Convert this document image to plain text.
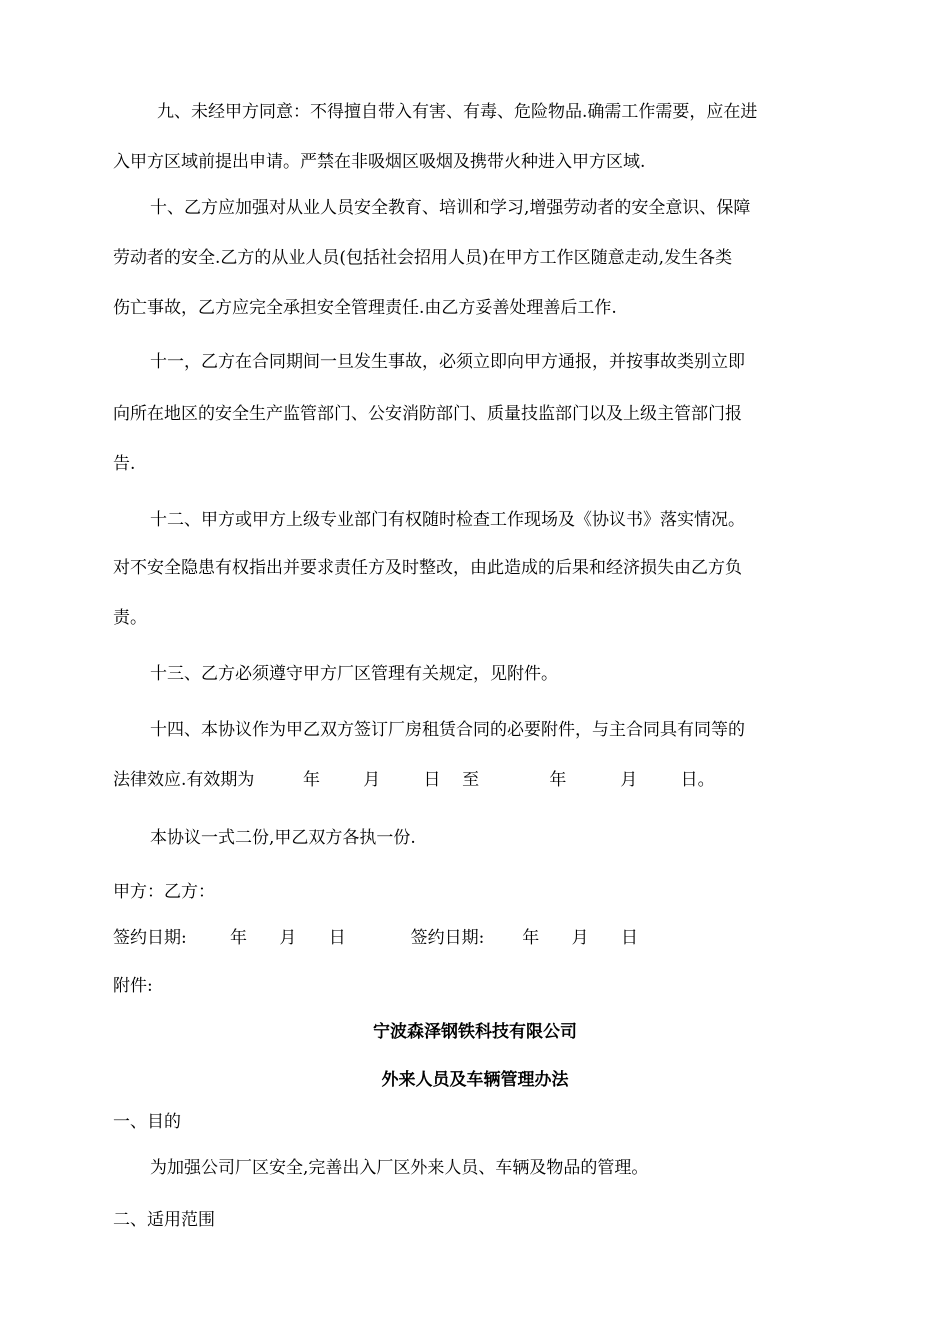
九、未经甲方同意：不得擅自带入有害、有毒、危险物品.确需工作需要，应在进
入甲方区域前提出申请。严禁在非吸烟区吸烟及携带火种进入甲方区域.
十、乙方应加强对从业人员安全教育、培训和学习,增强劳动者的安全意识、保障
劳动者的安全.乙方的从业人员(包括社会招用人员)在甲方工作区随意走动,发生各类
伤亡事故，乙方应完全承担安全管理责任.由乙方妥善处理善后工作.
十一，乙方在合同期间一旦发生事故，必须立即向甲方通报，并按事故类别立即
向所在地区的安全生产监管部门、公安消防部门、质量技监部门以及上级主管部门报
告.
十二、甲方或甲方上级专业部门有权随时检查工作现场及《协议书》落实情况。
对不安全隐患有权指出并要求责任方及时整改，由此造成的后果和经济损失由乙方负
责。
十三、乙方必须遵守甲方厂区管理有关规定，见附件。
十四、本协议作为甲乙双方签订厂房租赁合同的必要附件，与主合同具有同等的
法律效应.有效期为         年        月        日    至             年          月        日。
本协议一式二份,甲乙双方各执一份.
甲方：乙方：
签约日期:        年      月      日            签约日期:       年      月      日
附件:
宁波森泽钢铁科技有限公司
外来人员及车辆管理办法
一、目的
为加强公司厂区安全,完善出入厂区外来人员、车辆及物品的管理。
二、适用范围
